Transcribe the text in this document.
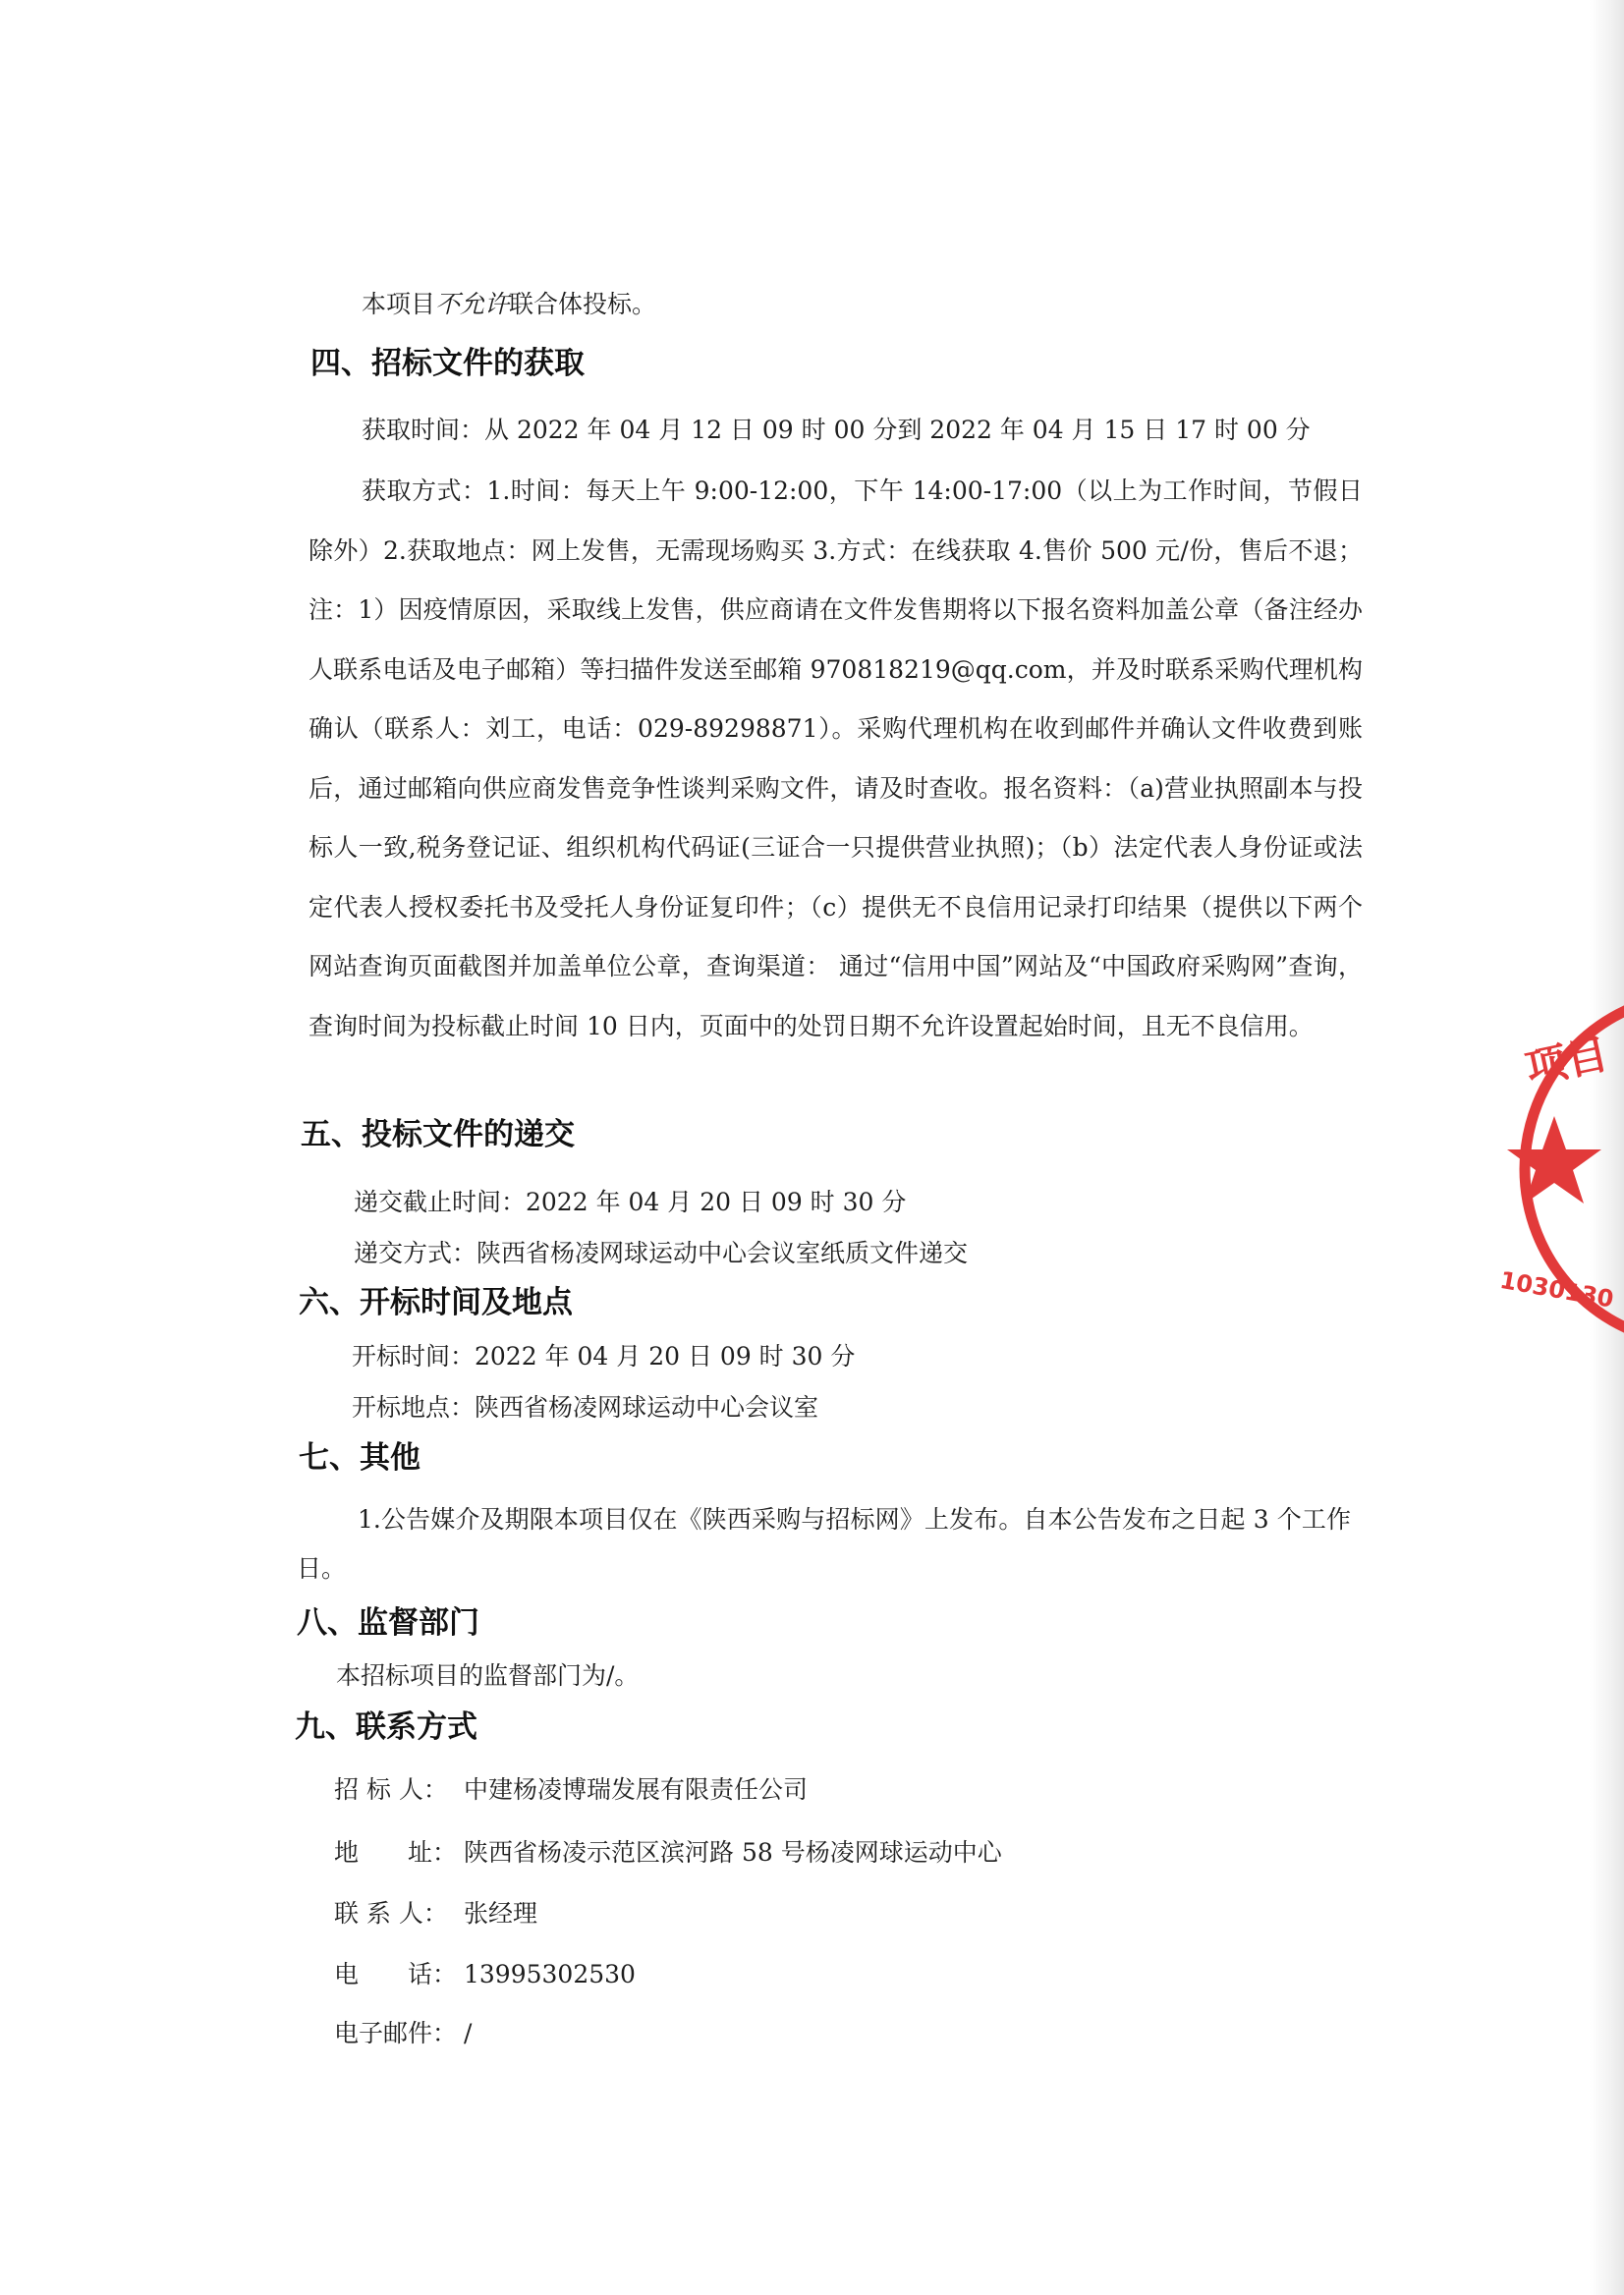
本项目不允许联合体投标。
四、招标文件的获取
获取时间：从 2022 年 04 月 12 日 09 时 00 分到 2022 年 04 月 15 日 17 时 00 分

获取方式：1.时间：每天上午 9:00-12:00，下午 14:00-17:00（以上为工作时间，节假日除外）2.获取地点：网上发售，无需现场购买 3.方式：在线获取 4.售价 500 元/份，售后不退；注：1）因疫情原因，采取线上发售，供应商请在文件发售期将以下报名资料加盖公章（备注经办人联系电话及电子邮箱）等扫描件发送至邮箱 970818219@qq.com，并及时联系采购代理机构确认（联系人：刘工，电话：029-89298871）。采购代理机构在收到邮件并确认文件收费到账后，通过邮箱向供应商发售竞争性谈判采购文件，请及时查收。报名资料：（a)营业执照副本与投标人一致,税务登记证、组织机构代码证(三证合一只提供营业执照)；（b）法定代表人身份证或法定代表人授权委托书及受托人身份证复印件；（c）提供无不良信用记录打印结果（提供以下两个网站查询页面截图并加盖单位公章，查询渠道： 通过“信用中国”网站及“中国政府采购网”查询，查询时间为投标截止时间 10 日内，页面中的处罚日期不允许设置起始时间，且无不良信用。

五、投标文件的递交
递交截止时间：2022 年 04 月 20 日 09 时 30 分
递交方式：陕西省杨凌网球运动中心会议室纸质文件递交
六、开标时间及地点
开标时间：2022 年 04 月 20 日 09 时 30 分
开标地点：陕西省杨凌网球运动中心会议室
七、其他

1.公告媒介及期限本项目仅在《陕西采购与招标网》上发布。自本公告发布之日起 3 个工作日。

八、监督部门
本招标项目的监督部门为/。
九、联系方式
招 标 人： 中建杨凌博瑞发展有限责任公司
地　　址： 陕西省杨凌示范区滨河路 58 号杨凌网球运动中心
联 系 人： 张经理
电　　话： 13995302530
电子邮件： /
项目
1030130
